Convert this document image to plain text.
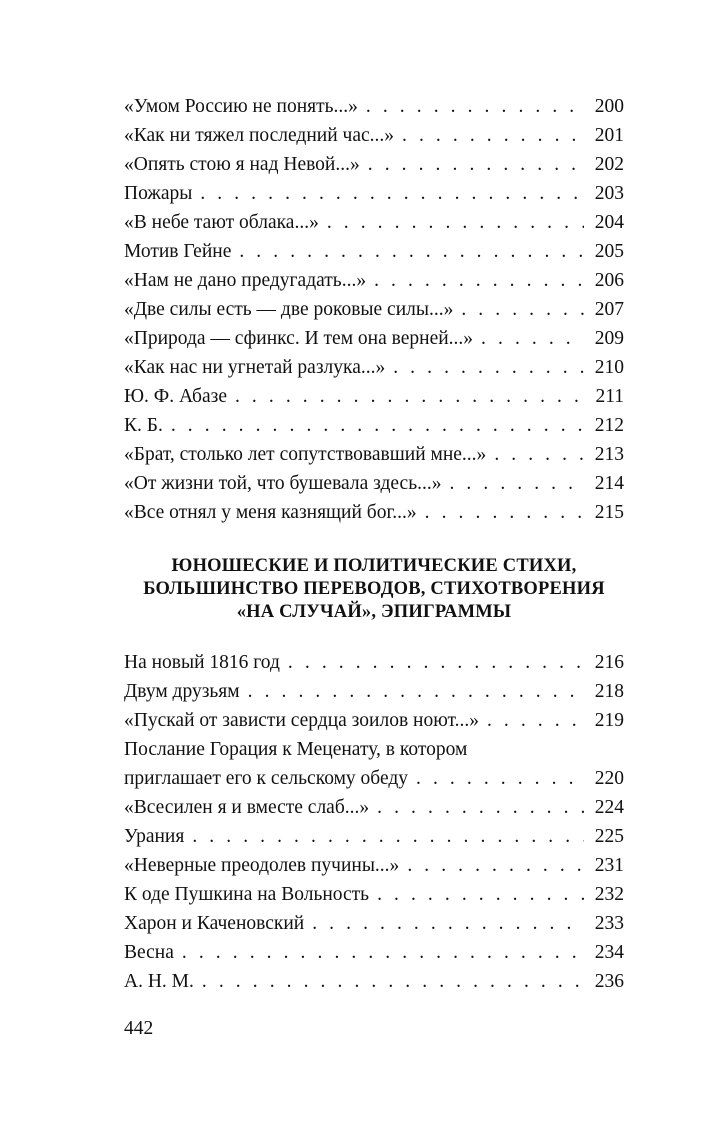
«Умом Россию не понять...» . . .	200
«Как ни тяжел последний час...» . . .	201
«Опять стою я над Невой...» . . .	202
Пожары . . .	203
«В небе тают облака...» . . .	204
Мотив Гейне . . .	205
«Нам не дано предугадать...» . . .	206
«Две силы есть — две роковые силы...» . . .	207
«Природа — сфинкс. И тем она верней...» . . .	209
«Как нас ни угнетай разлука...» . . .	210
Ю. Ф. Абазе . . .	211
К. Б. . . .	212
«Брат, столько лет сопутствовавший мне...» . . .	213
«От жизни той, что бушевала здесь...» . . .	214
«Все отнял у меня казнящий бог...» . . .	215
ЮНОШЕСКИЕ И ПОЛИТИЧЕСКИЕ СТИХИ,
БОЛЬШИНСТВО ПЕРЕВОДОВ, СТИХОТВОРЕНИЯ
«НА СЛУЧАЙ», ЭПИГРАММЫ
На новый 1816 год . . .	216
Двум друзьям . . .	218
«Пускай от зависти сердца зоилов ноют...» . . .	219
Послание Горация к Меценату, в котором
приглашает его к сельскому обеду . . .	220
«Всесилен я и вместе слаб...» . . .	224
Урания . . .	225
«Неверные преодолев пучины...» . . .	231
К оде Пушкина на Вольность . . .	232
Харон и Каченовский . . .	233
Весна . . .	234
А. Н. М. . . .	236
442
